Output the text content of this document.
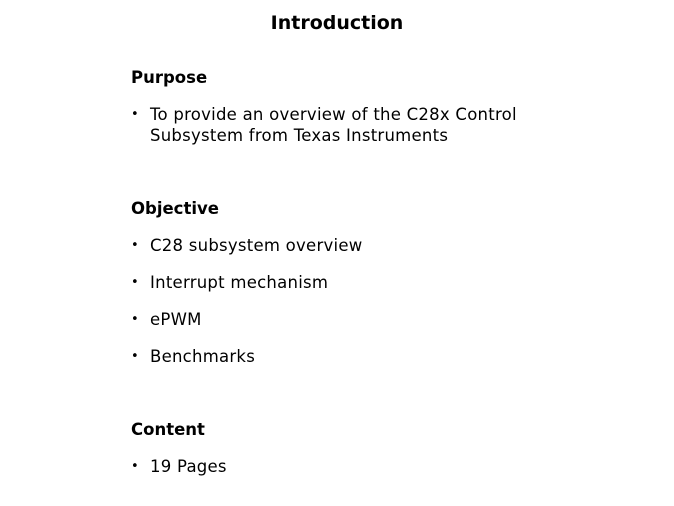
Introduction
Purpose
• To provide an overview of the C28x Control Subsystem from Texas Instruments
Objective
• C28 subsystem overview
• Interrupt mechanism
• ePWM
• Benchmarks
Content
• 19 Pages
